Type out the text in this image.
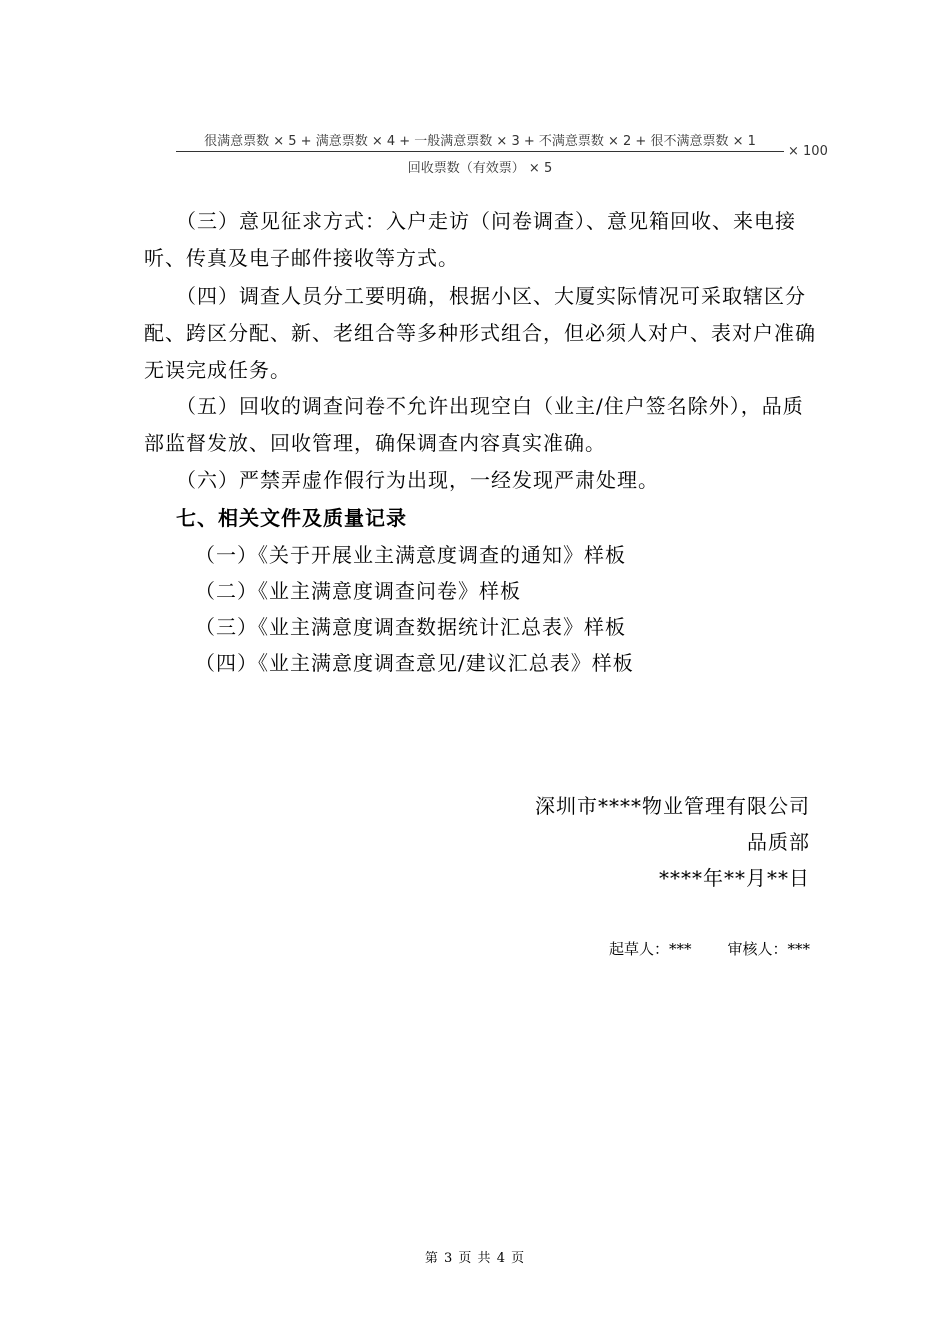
很满意票数 × 5 + 满意票数 × 4 + 一般满意票数 × 3 + 不满意票数 × 2 + 很不满意票数 × 1
回收票数（有效票） × 5
× 100
（三）意见征求方式：入户走访（问卷调查）、意见箱回收、来电接听、传真及电子邮件接收等方式。
（四）调查人员分工要明确，根据小区、大厦实际情况可采取辖区分配、跨区分配、新、老组合等多种形式组合，但必须人对户、表对户准确无误完成任务。
（五）回收的调查问卷不允许出现空白（业主/住户签名除外），品质部监督发放、回收管理，确保调查内容真实准确。
（六）严禁弄虚作假行为出现，一经发现严肃处理。
七、相关文件及质量记录
（一）《关于开展业主满意度调查的通知》样板
（二）《业主满意度调查问卷》样板
（三）《业主满意度调查数据统计汇总表》样板
（四）《业主满意度调查意见/建议汇总表》样板
深圳市****物业管理有限公司
品质部
****年**月**日
起草人：*** 审核人：***
第 3 页 共 4 页
